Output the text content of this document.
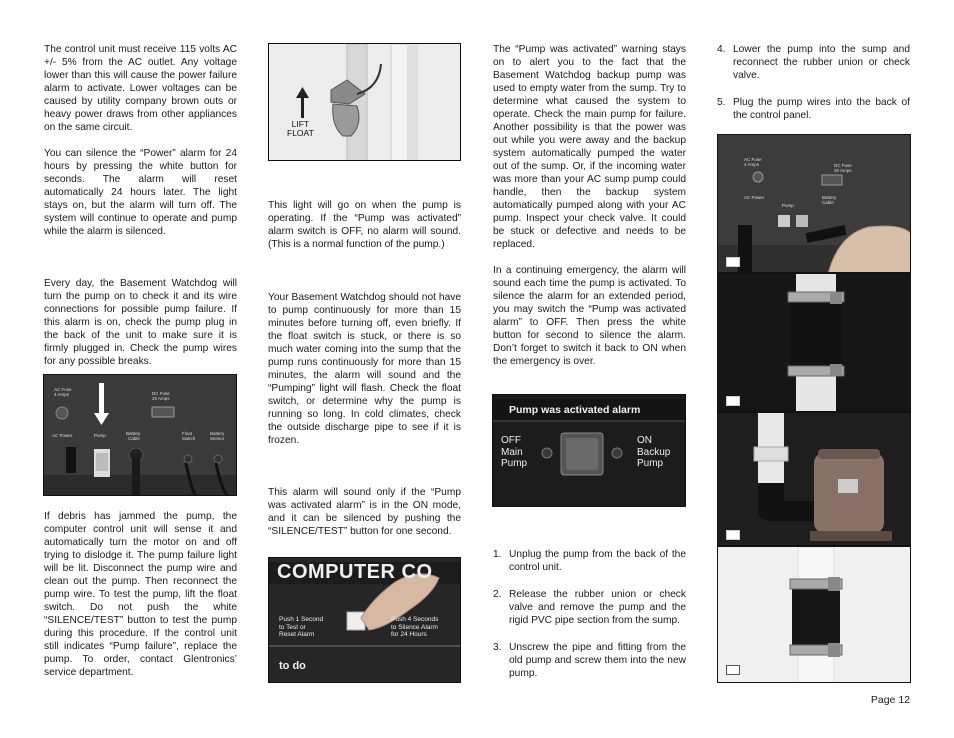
The control unit must receive 115 volts AC +/- 5% from the AC outlet. Any voltage lower than this will cause the power failure alarm to activate. Lower voltages can be caused by utility company brown outs or heavy power draws from other appliances on the same circuit.

You can silence the “Power” alarm for 24 hours by pressing the white button for seconds. The alarm will reset automatically 24 hours later. The light stays on, but the alarm will turn off. The system will continue to operate and pump while the alarm is silenced.

Every day, the Basement Watchdog will turn the pump on to check it and its wire connections for possible pump failure. If this alarm is on, check the pump plug in the back of the unit to make sure it is firmly plugged in. Check the pump wires for any possible breaks.

AC Fuse
4 Amps	DC Fuse
25 Amps
AC Power	Pump	Battery
Cable
Float
Switch
Battery
Sensor

If debris has jammed the pump, the computer control unit will sense it and automatically turn the motor on and off trying to dislodge it. The pump failure light will be lit. Disconnect the pump wire and clean out the pump. Then reconnect the pump wire. To test the pump, lift the float switch. Do not push the white “SILENCE/TEST” button to test the pump during this procedure. If the control unit still indicates “Pump failure”, replace the pump. To order, contact Glentronics’ service department.

LIFT
FLOAT

This light will go on when the pump is operating. If the “Pump was activated” alarm switch is OFF, no alarm will sound. (This is a normal function of the pump.)

Your Basement Watchdog should not have to pump continuously for more than 15 minutes before turning off, even briefly. If the float switch is stuck, or there is so much water coming into the sump that the pump runs continuously for more than 15 minutes, the alarm will sound and the “Pumping” light will flash. Check the float switch, or determine why the pump is running so long. In cold climates, check the outside discharge pipe to see if it is frozen.

This alarm will sound only if the “Pump was activated alarm” is in the ON mode, and it can be silenced by pushing the “SILENCE/TEST” button for one second.

COMPUTER CO
Push 1 Second
to Test or
Reset Alarm
Push 4 Seconds
to Silence Alarm
for 24 Hours
to do

The “Pump was activated” warning stays on to alert you to the fact that the Basement Watchdog backup pump was used to empty water from the sump. Try to determine what caused the system to operate. Check the main pump for failure. Another possibility is that the power was out while you were away and the backup system automatically pumped the water out of the sump. Or, if the incoming water was more than your AC sump pump could handle, then the backup system automatically pumped along with your AC pump. Inspect your check valve. It could be stuck or defective and needs to be replaced.

In a continuing emergency, the alarm will sound each time the pump is activated. To silence the alarm for an extended period, you may switch the “Pump was activated alarm” to OFF. Then press the white button for second to silence the alarm. Don’t forget to switch it back to ON when the emergency is over.

Pump was activated alarm
OFF
Main
Pump
ON
Backup
Pump
1. Unplug the pump from the back of the control unit.
2. Release the rubber union or check valve and remove the pump and the rigid PVC pipe section from the sump.
3. Unscrew the pipe and fitting from the old pump and screw them into the new pump.
4. Lower the pump into the sump and reconnect the rubber union or check valve.
5. Plug the pump wires into the back of the control panel.
AC Fuse
4 Amps	DC Fuse
25 Amps
AC Power
Pump
Battery
Cable
Page 12
